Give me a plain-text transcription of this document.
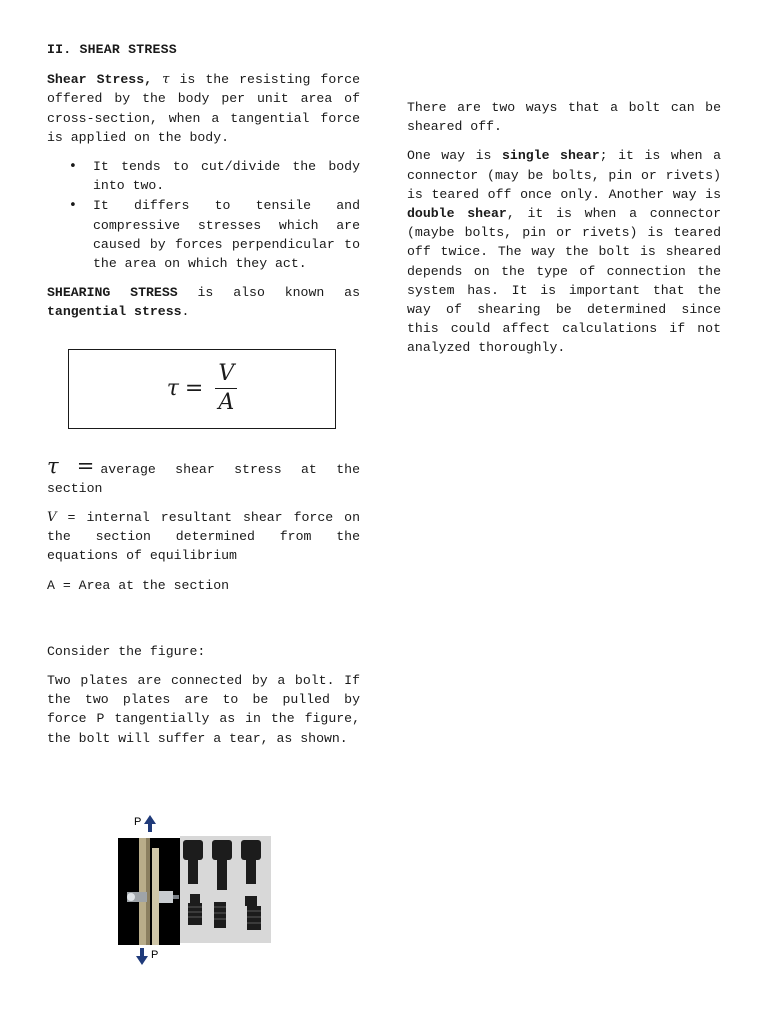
II. SHEAR STRESS

Shear Stress, τ is the resisting force offered by the body per unit area of cross-section, when a tangential force is applied on the body.

• It tends to cut/divide the body into two.
• It differs to tensile and compressive stresses which are caused by forces perpendicular to the area on which they act.

SHEARING STRESS is also known as tangential stress.

$\tau = \frac{V}{A}$

τ = average shear stress at the section

V = internal resultant shear force on the section determined from the equations of equilibrium

A = Area at the section

Consider the figure:

Two plates are connected by a bolt. If the two plates are to be pulled by force P tangentially as in the figure, the bolt will suffer a tear, as shown.

P
P

There are two ways that a bolt can be sheared off.

One way is single shear; it is when a connector (may be bolts, pin or rivets) is teared off once only. Another way is double shear, it is when a connector (maybe bolts, pin or rivets) is teared off twice. The way the bolt is sheared depends on the type of connection the system has. It is important that the way of shearing be determined since this could affect calculations if not analyzed thoroughly.
